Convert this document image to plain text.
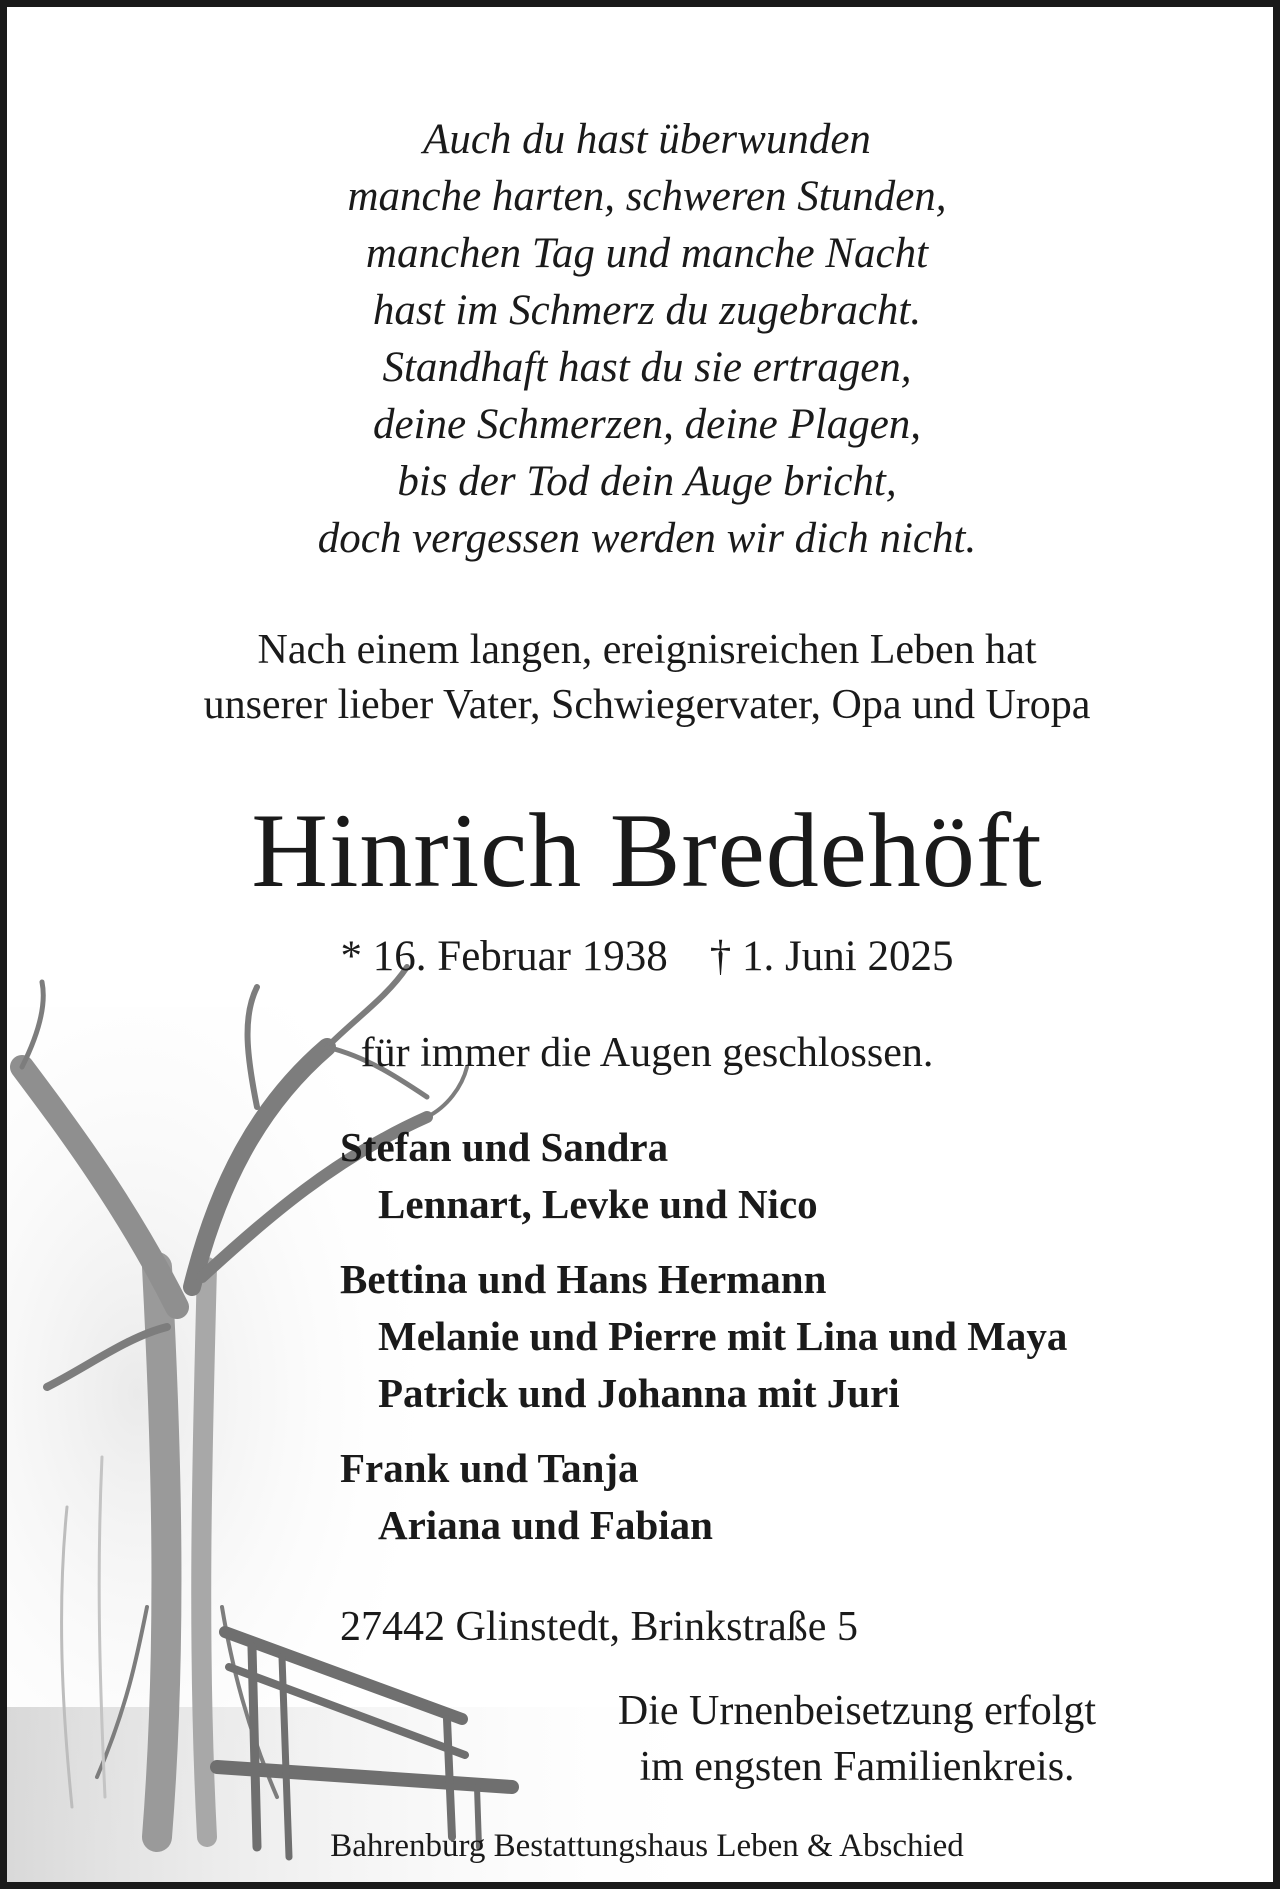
Auch du hast überwunden
manche harten, schweren Stunden,
manchen Tag und manche Nacht
hast im Schmerz du zugebracht.
Standhaft hast du sie ertragen,
deine Schmerzen, deine Plagen,
bis der Tod dein Auge bricht,
doch vergessen werden wir dich nicht.
Nach einem langen, ereignisreichen Leben hat
unserer lieber Vater, Schwiegervater, Opa und Uropa
Hinrich Bredehöft
* 16. Februar 1938 † 1. Juni 2025
für immer die Augen geschlossen.
Stefan und Sandra
Lennart, Levke und Nico
Bettina und Hans Hermann
Melanie und Pierre mit Lina und Maya
Patrick und Johanna mit Juri
Frank und Tanja
Ariana und Fabian
27442 Glinstedt, Brinkstraße 5
Die Urnenbeisetzung erfolgt
im engsten Familienkreis.
Bahrenburg Bestattungshaus Leben & Abschied
